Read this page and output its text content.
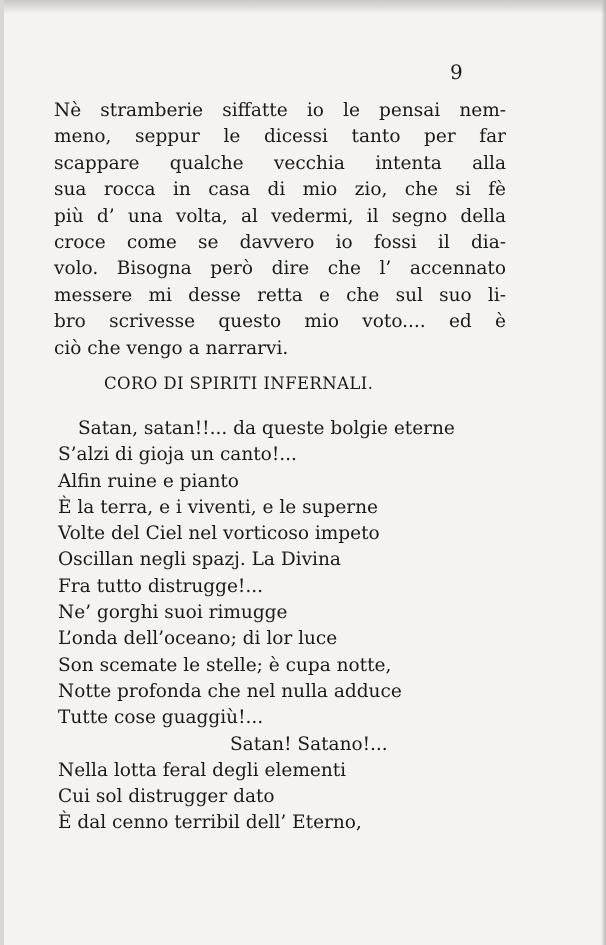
9
Nè stramberie siffatte io le pensai nem-
meno, seppur le dicessi tanto per far
scappare qualche vecchia intenta alla
sua rocca in casa di mio zio, che si fè
più d’ una volta, al vedermi, il segno della
croce come se davvero io fossi il dia-
volo. Bisogna però dire che l’ accennato
messere mi desse retta e che sul suo li-
bro scrivesse questo mio voto.... ed è
ciò che vengo a narrarvi.
CORO DI SPIRITI INFERNALI.
Satan, satan!!... da queste bolgie eterne
S’alzi di gioja un canto!...
Alfin ruine e pianto
È la terra, e i viventi, e le superne
Volte del Ciel nel vorticoso impeto
Oscillan negli spazj. La Divina
Fra tutto distrugge!...
Ne’ gorghi suoi rimugge
L’onda dell’oceano; di lor luce
Son scemate le stelle; è cupa notte,
Notte profonda che nel nulla adduce
Tutte cose guaggiù!...
Satan! Satano!...
Nella lotta feral degli elementi
Cui sol distrugger dato
È dal cenno terribil dell’ Eterno,
